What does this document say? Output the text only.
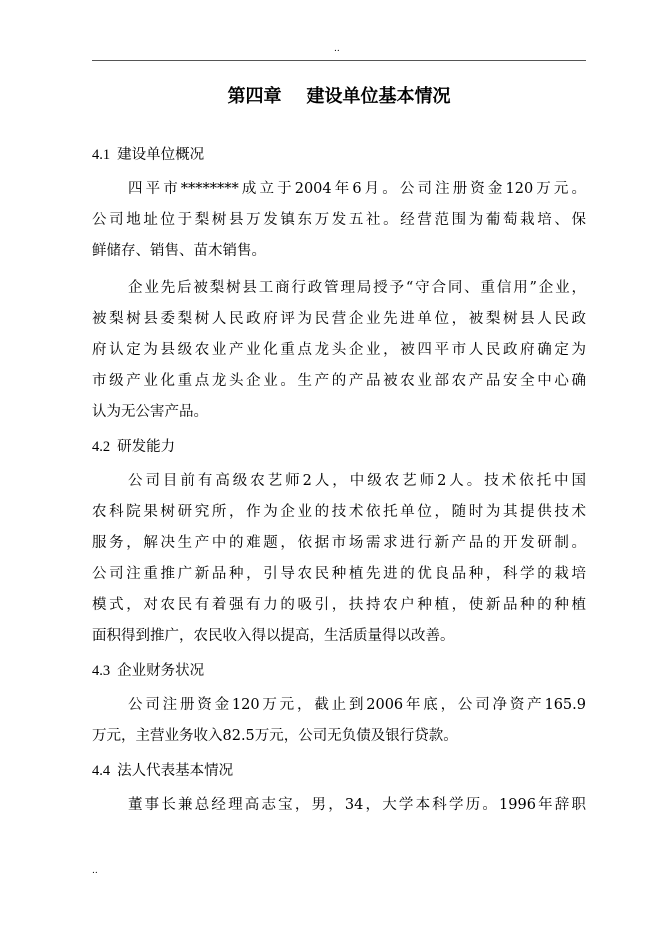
..
第四章    建设单位基本情况
4.1 建设单位概况
四平市********成立于2004年6月。公司注册资金120万元。
公司地址位于梨树县万发镇东万发五社。经营范围为葡萄栽培、保
鲜储存、销售、苗木销售。
企业先后被梨树县工商行政管理局授予“守合同、重信用”企业，
被梨树县委梨树人民政府评为民营企业先进单位，被梨树县人民政
府认定为县级农业产业化重点龙头企业，被四平市人民政府确定为
市级产业化重点龙头企业。生产的产品被农业部农产品安全中心确
认为无公害产品。
4.2 研发能力
公司目前有高级农艺师2人，中级农艺师2人。技术依托中国
农科院果树研究所，作为企业的技术依托单位，随时为其提供技术
服务，解决生产中的难题，依据市场需求进行新产品的开发研制。
公司注重推广新品种，引导农民种植先进的优良品种，科学的栽培
模式，对农民有着强有力的吸引，扶持农户种植，使新品种的种植
面积得到推广，农民收入得以提高，生活质量得以改善。
4.3 企业财务状况
公司注册资金120万元，截止到2006年底，公司净资产165.9
万元，主营业务收入82.5万元，公司无负债及银行贷款。
4.4 法人代表基本情况
董事长兼总经理高志宝，男，34，大学本科学历。1996年辞职
..
